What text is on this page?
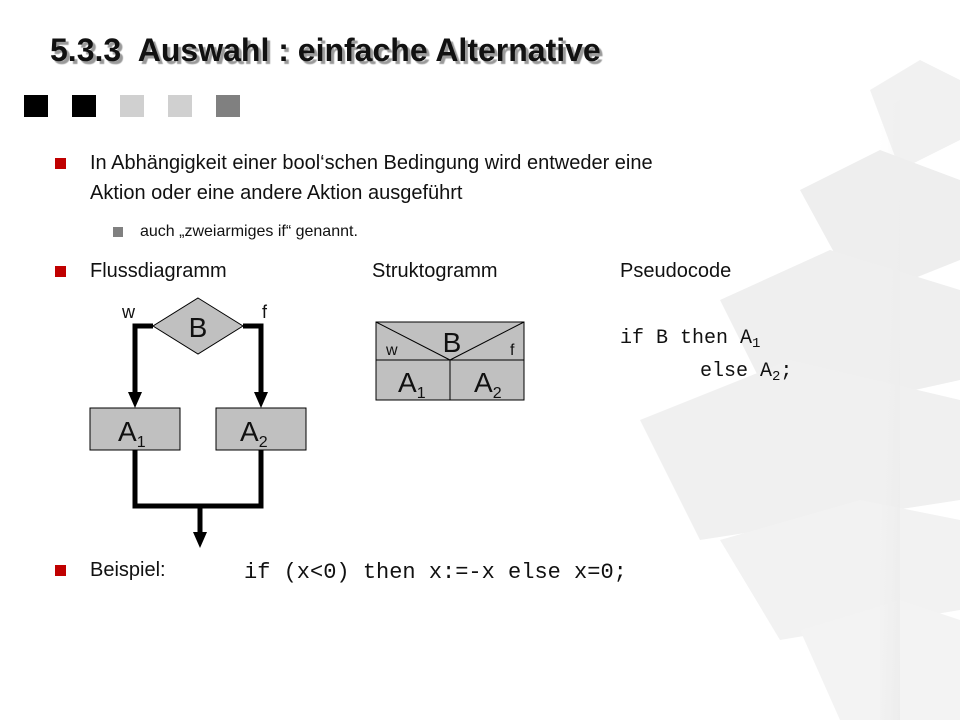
5.3.3  Auswahl : einfache Alternative
In Abhängigkeit einer bool‘schen Bedingung wird entweder eine
Aktion oder eine andere Aktion ausgeführt
auch „zweiarmiges if“ genannt.
Flussdiagramm	Struktogramm	Pseudocode
w	f
B
$A_1$	$A_2$
B
w	f
$A_1$ $A_2$
if B then $A_1$
else $A_2$;
Beispiel:	if (x<0) then x:=-x else x=0;
